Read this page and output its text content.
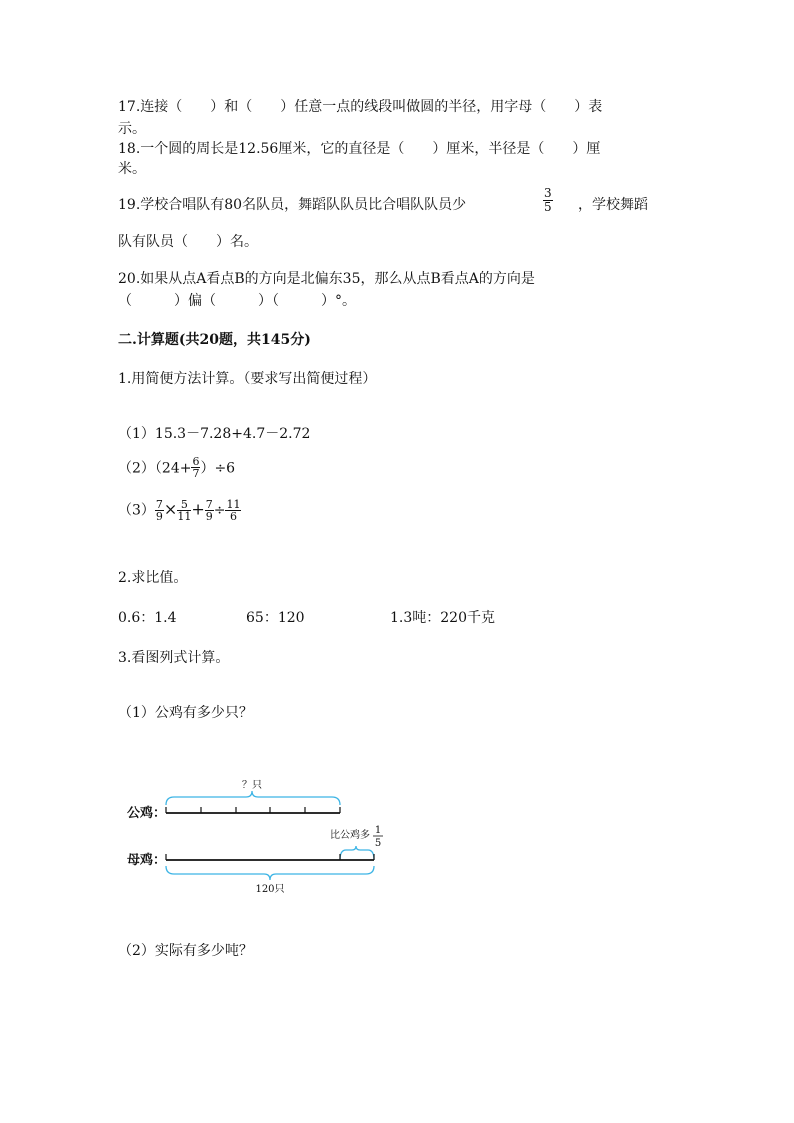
17.连接（　　）和（　　）任意一点的线段叫做圆的半径，用字母（　　）表
示。
18.一个圆的周长是12.56厘米，它的直径是（　　）厘米，半径是（　　）厘
米。
19.学校合唱队有80名队员，舞蹈队队员比合唱队队员少	$\frac{3}{5}$ ，学校舞蹈
队有队员（　　）名。
20.如果从点A看点B的方向是北偏东35，那么从点B看点A的方向是
（　　　）偏（　　　）（　　　）°。
二.计算题(共20题，共145分)
1.用简便方法计算。（要求写出简便过程）
（1）15.3－7.28+4.7－2.72
$(2)(24+ \frac{6}{7} )\div 6$
$(3) \frac{7}{9} \times \frac{5}{11} + \frac{7}{9} \div \frac{11}{6}$
2.求比值。
0.6：1.4	65：120	1.3吨：220千克
3.看图列式计算。
（1）公鸡有多少只？
？只
公鸡：
比公鸡多 1
5
母鸡：
120只
（2）实际有多少吨？
